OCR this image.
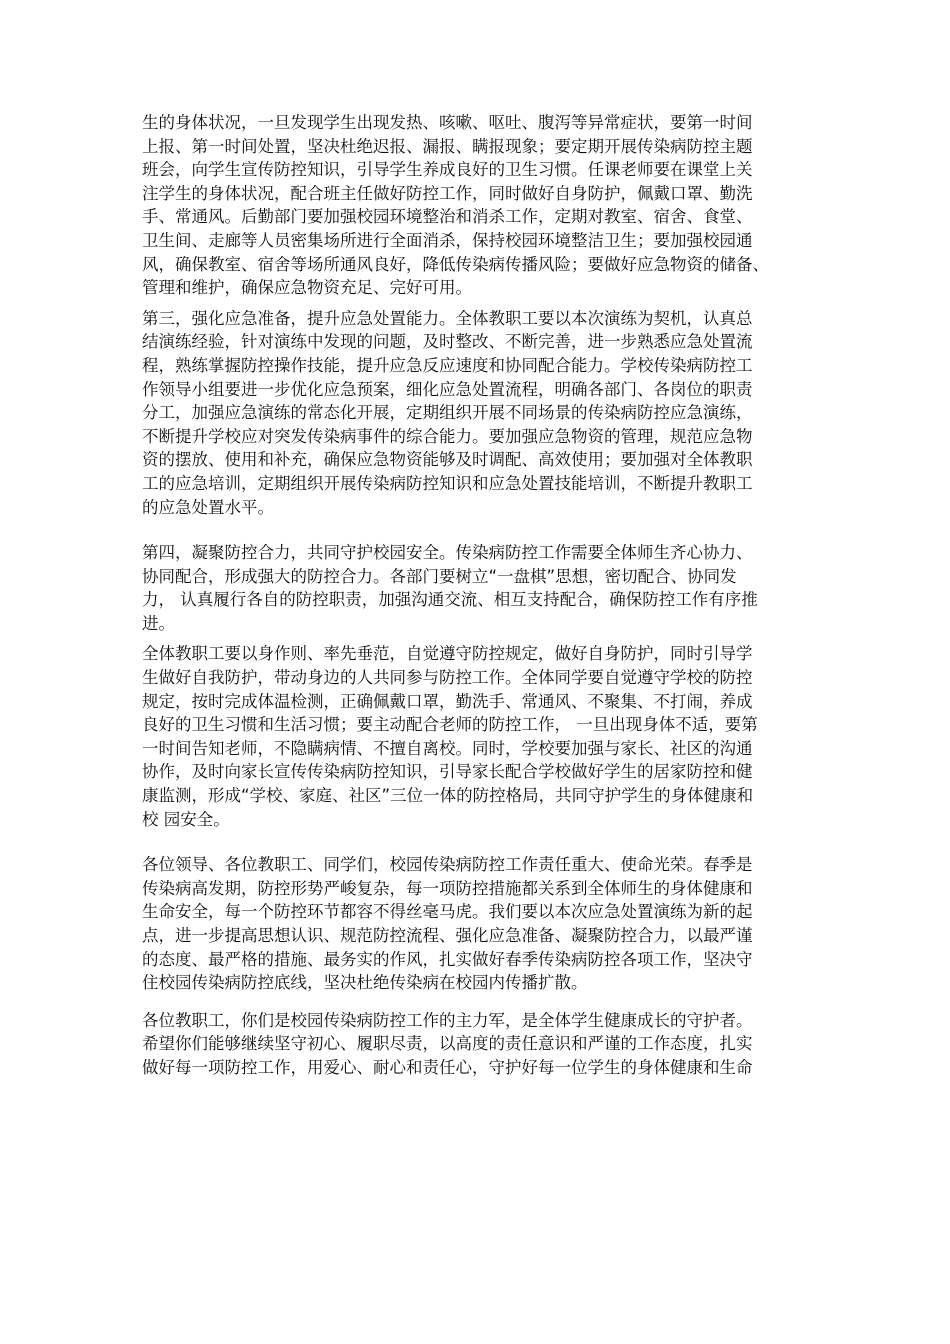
生的身体状况，一旦发现学生出现发热、咳嗽、呕吐、腹泻等异常症状，要第一时间
上报、第一时间处置，坚决杜绝迟报、漏报、瞒报现象；要定期开展传染病防控主题
班会，向学生宣传防控知识，引导学生养成良好的卫生习惯。任课老师要在课堂上关
注学生的身体状况，配合班主任做好防控工作，同时做好自身防护，佩戴口罩、勤洗
手、常通风。后勤部门要加强校园环境整治和消杀工作，定期对教室、宿舍、食堂、
卫生间、走廊等人员密集场所进行全面消杀，保持校园环境整洁卫生；要加强校园通
风，确保教室、宿舍等场所通风良好，降低传染病传播风险；要做好应急物资的储备、
管理和维护，确保应急物资充足、完好可用。
第三，强化应急准备，提升应急处置能力。全体教职工要以本次演练为契机，认真总
结演练经验，针对演练中发现的问题，及时整改、不断完善，进一步熟悉应急处置流
程，熟练掌握防控操作技能，提升应急反应速度和协同配合能力。学校传染病防控工
作领导小组要进一步优化应急预案，细化应急处置流程，明确各部门、各岗位的职责
分工，加强应急演练的常态化开展，定期组织开展不同场景的传染病防控应急演练，
不断提升学校应对突发传染病事件的综合能力。要加强应急物资的管理，规范应急物
资的摆放、使用和补充，确保应急物资能够及时调配、高效使用；要加强对全体教职
工的应急培训，定期组织开展传染病防控知识和应急处置技能培训，不断提升教职工
的应急处置水平。
第四，凝聚防控合力，共同守护校园安全。传染病防控工作需要全体师生齐心协力、
协同配合，形成强大的防控合力。各部门要树立“一盘棋”思想，密切配合、协同发
力， 认真履行各自的防控职责，加强沟通交流、相互支持配合，确保防控工作有序推
进。
全体教职工要以身作则、率先垂范，自觉遵守防控规定，做好自身防护，同时引导学
生做好自我防护，带动身边的人共同参与防控工作。全体同学要自觉遵守学校的防控
规定，按时完成体温检测，正确佩戴口罩，勤洗手、常通风、不聚集、不打闹，养成
良好的卫生习惯和生活习惯；要主动配合老师的防控工作， 一旦出现身体不适，要第
一时间告知老师，不隐瞒病情、不擅自离校。同时，学校要加强与家长、社区的沟通
协作，及时向家长宣传传染病防控知识，引导家长配合学校做好学生的居家防控和健
康监测，形成“学校、家庭、社区”三位一体的防控格局，共同守护学生的身体健康和
校 园安全。
各位领导、各位教职工、同学们，校园传染病防控工作责任重大、使命光荣。春季是
传染病高发期，防控形势严峻复杂，每一项防控措施都关系到全体师生的身体健康和
生命安全，每一个防控环节都容不得丝毫马虎。我们要以本次应急处置演练为新的起
点，进一步提高思想认识、规范防控流程、强化应急准备、凝聚防控合力，以最严谨
的态度、最严格的措施、最务实的作风，扎实做好春季传染病防控各项工作，坚决守
住校园传染病防控底线，坚决杜绝传染病在校园内传播扩散。
各位教职工，你们是校园传染病防控工作的主力军，是全体学生健康成长的守护者。
希望你们能够继续坚守初心、履职尽责，以高度的责任意识和严谨的工作态度，扎实
做好每一项防控工作，用爱心、耐心和责任心，守护好每一位学生的身体健康和生命
